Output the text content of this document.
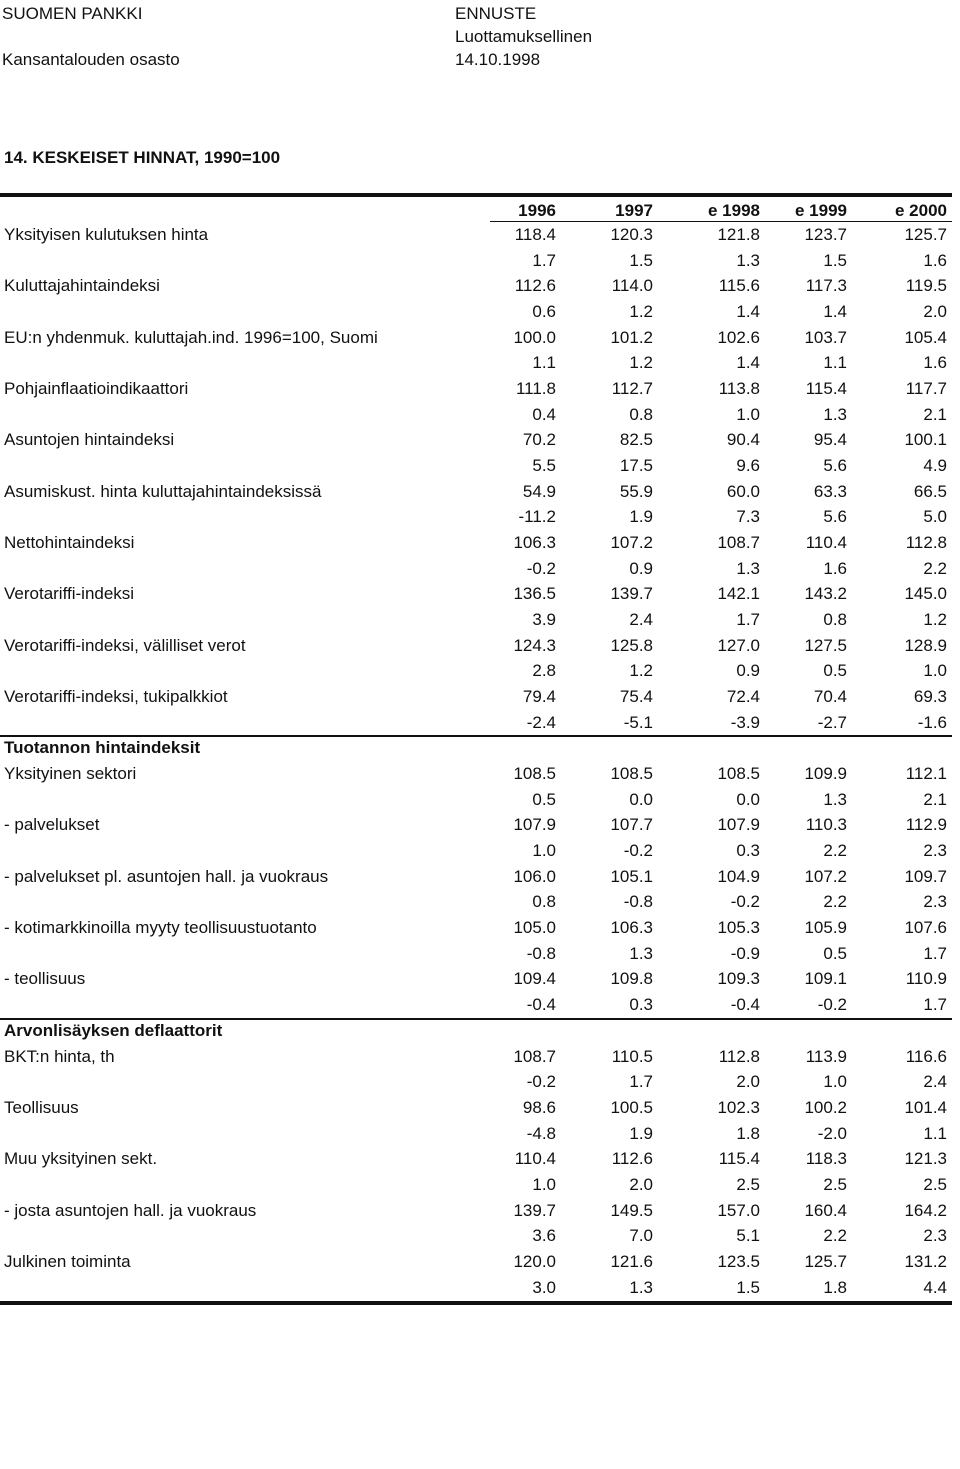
SUOMEN PANKKI
Kansantalouden osasto
ENNUSTE
Luottamuksellinen
14.10.1998
14. KESKEISET HINNAT, 1990=100
1996	1997	e 1998	e 1999	e 2000
Yksityisen kulutuksen hinta	118.4	120.3	121.8	123.7	125.7
1.7	1.5	1.3	1.5	1.6
Kuluttajahintaindeksi	112.6	114.0	115.6	117.3	119.5
0.6	1.2	1.4	1.4	2.0
EU:n yhdenmuk. kuluttajah.ind. 1996=100, Suomi	100.0	101.2	102.6	103.7	105.4
1.1	1.2	1.4	1.1	1.6
Pohjainflaatioindikaattori	111.8	112.7	113.8	115.4	117.7
0.4	0.8	1.0	1.3	2.1
Asuntojen hintaindeksi	70.2	82.5	90.4	95.4	100.1
5.5	17.5	9.6	5.6	4.9
Asumiskust. hinta kuluttajahintaindeksissä	54.9	55.9	60.0	63.3	66.5
-11.2	1.9	7.3	5.6	5.0
Nettohintaindeksi	106.3	107.2	108.7	110.4	112.8
-0.2	0.9	1.3	1.6	2.2
Verotariffi-indeksi	136.5	139.7	142.1	143.2	145.0
3.9	2.4	1.7	0.8	1.2
Verotariffi-indeksi, välilliset verot	124.3	125.8	127.0	127.5	128.9
2.8	1.2	0.9	0.5	1.0
Verotariffi-indeksi, tukipalkkiot	79.4	75.4	72.4	70.4	69.3
-2.4	-5.1	-3.9	-2.7	-1.6
Tuotannon hintaindeksit
Yksityinen sektori	108.5	108.5	108.5	109.9	112.1
0.5	0.0	0.0	1.3	2.1
- palvelukset	107.9	107.7	107.9	110.3	112.9
1.0	-0.2	0.3	2.2	2.3
- palvelukset pl. asuntojen hall. ja vuokraus	106.0	105.1	104.9	107.2	109.7
0.8	-0.8	-0.2	2.2	2.3
- kotimarkkinoilla myyty teollisuustuotanto	105.0	106.3	105.3	105.9	107.6
-0.8	1.3	-0.9	0.5	1.7
- teollisuus	109.4	109.8	109.3	109.1	110.9
-0.4	0.3	-0.4	-0.2	1.7
Arvonlisäyksen deflaattorit
BKT:n hinta, th	108.7	110.5	112.8	113.9	116.6
-0.2	1.7	2.0	1.0	2.4
Teollisuus	98.6	100.5	102.3	100.2	101.4
-4.8	1.9	1.8	-2.0	1.1
Muu yksityinen sekt.	110.4	112.6	115.4	118.3	121.3
1.0	2.0	2.5	2.5	2.5
- josta asuntojen hall. ja vuokraus	139.7	149.5	157.0	160.4	164.2
3.6	7.0	5.1	2.2	2.3
Julkinen toiminta	120.0	121.6	123.5	125.7	131.2
3.0	1.3	1.5	1.8	4.4
